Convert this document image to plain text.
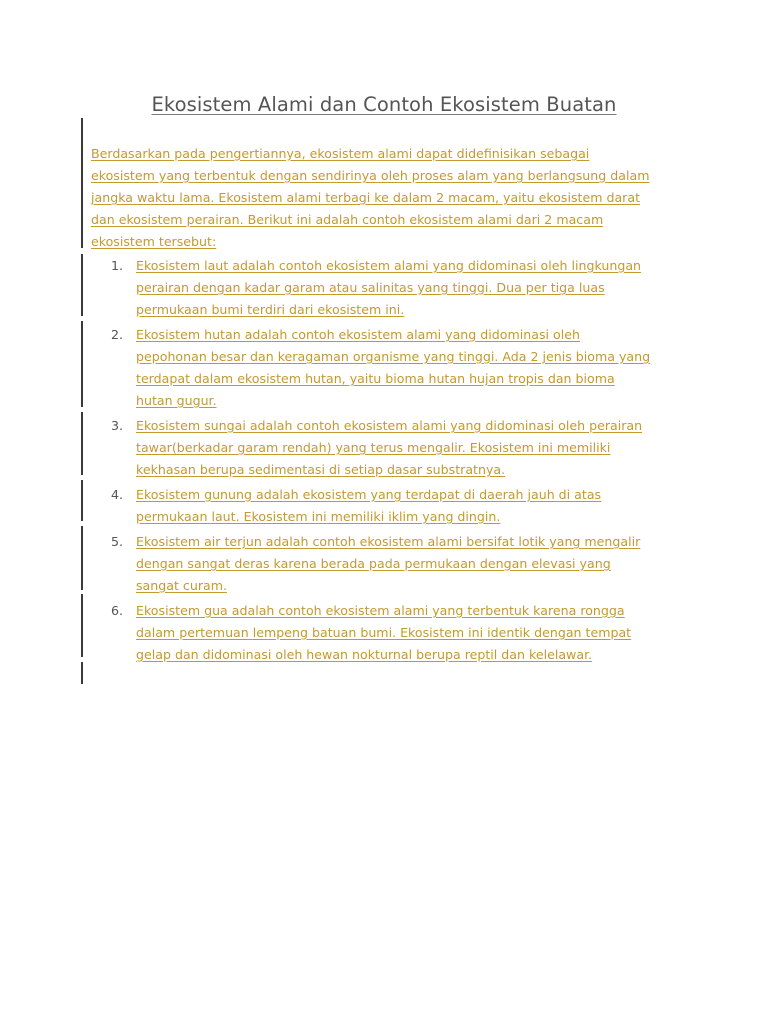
Ekosistem Alami dan Contoh Ekosistem Buatan

Berdasarkan pada pengertiannya, ekosistem alami dapat didefinisikan sebagai
ekosistem yang terbentuk dengan sendirinya oleh proses alam yang berlangsung dalam
jangka waktu lama. Ekosistem alami terbagi ke dalam 2 macam, yaitu ekosistem darat
dan ekosistem perairan. Berikut ini adalah contoh ekosistem alami dari 2 macam
ekosistem tersebut:

1.	Ekosistem laut adalah contoh ekosistem alami yang didominasi oleh lingkungan
perairan dengan kadar garam atau salinitas yang tinggi. Dua per tiga luas
permukaan bumi terdiri dari ekosistem ini.
2.	Ekosistem hutan adalah contoh ekosistem alami yang didominasi oleh
pepohonan besar dan keragaman organisme yang tinggi. Ada 2 jenis bioma yang
terdapat dalam ekosistem hutan, yaitu bioma hutan hujan tropis dan bioma
hutan gugur.
3.	Ekosistem sungai adalah contoh ekosistem alami yang didominasi oleh perairan
tawar(berkadar garam rendah) yang terus mengalir. Ekosistem ini memiliki
kekhasan berupa sedimentasi di setiap dasar substratnya.
4.	Ekosistem gunung adalah ekosistem yang terdapat di daerah jauh di atas
permukaan laut. Ekosistem ini memiliki iklim yang dingin.
5.	Ekosistem air terjun adalah contoh ekosistem alami bersifat lotik yang mengalir
dengan sangat deras karena berada pada permukaan dengan elevasi yang
sangat curam.
6.	Ekosistem gua adalah contoh ekosistem alami yang terbentuk karena rongga
dalam pertemuan lempeng batuan bumi. Ekosistem ini identik dengan tempat
gelap dan didominasi oleh hewan nokturnal berupa reptil dan kelelawar.
